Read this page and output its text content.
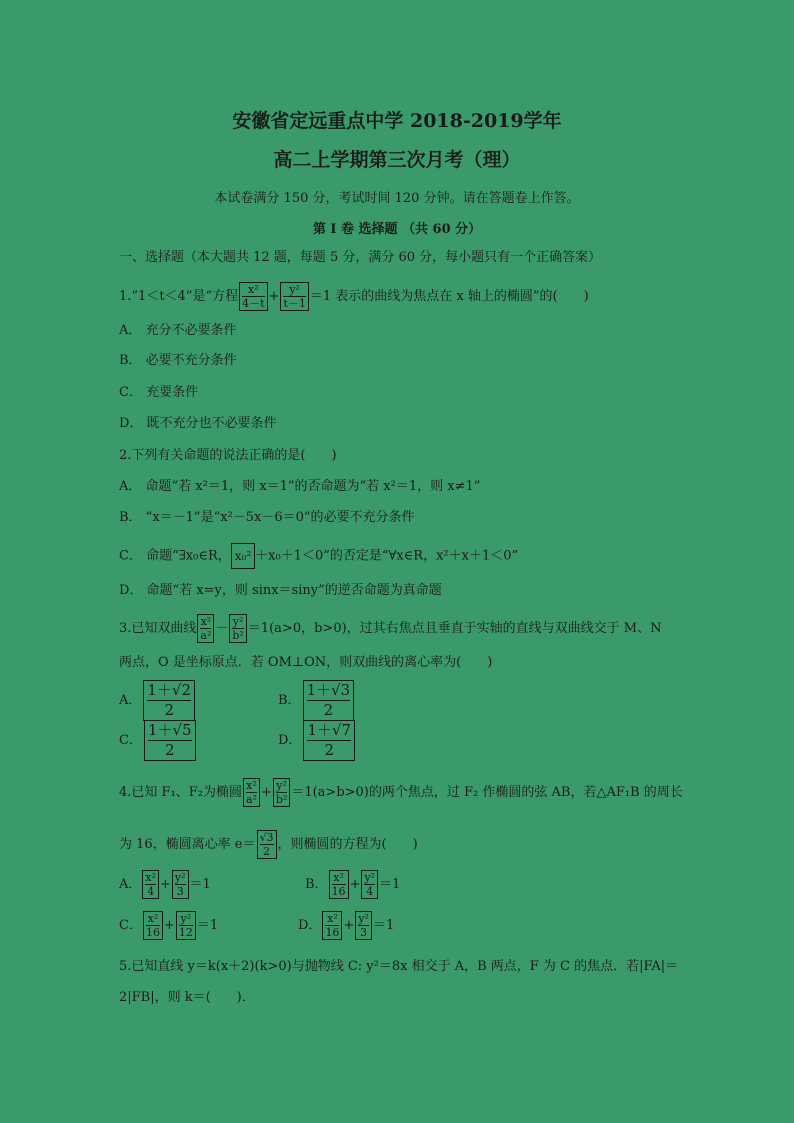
安徽省定远重点中学 2018-2019学年
高二上学期第三次月考（理）
本试卷满分 150 分，考试时间 120 分钟。请在答题卷上作答。
第 I 卷 选择题 （共 60 分）
一、选择题（本大题共 12 题，每题 5 分，满分 60 分，每小题只有一个正确答案）
1.“1＜t＜4”是“方程 $\frac{\text{x²}}{4-t} + \frac{\text{y²}}{t-1} =1$ 表示的曲线为焦点在 x 轴上的椭圆”的(　　)
A． 充分不必要条件
B． 必要不充分条件
C． 充要条件
D． 既不充分也不必要条件
2.下列有关命题的说法正确的是(　　)
A． 命题“若 x²＝1，则 x＝1”的否命题为“若 x²＝1，则 x≠1”
B． “x＝－1”是“x²－5x－6＝0”的必要不充分条件
C． 命题“∃x₀∈R， x₀² ＋x₀＋1＜0”的否定是“∀x∈R，x²＋x＋1＜0”
D． 命题“若 x=y，则 sinx＝siny”的逆否命题为真命题
3.已知双曲线 $\frac{\text{x²}}{\text{a²}} - \frac{\text{y²}}{\text{b²}} =1(a>0$，b>0)，过其右焦点且垂直于实轴的直线与双曲线交于 M、N
两点，O 是坐标原点．若 OM⊥ON，则双曲线的离心率为(　　)
A． $\frac{1+√2}{2}$	B． $\frac{1+√3}{2}$
C． $\frac{1+√5}{2}$	D． $\frac{1+√7}{2}$
4.已知 F₁、F₂为椭圆 $\frac{\text{x²}}{\text{a²}} + \frac{\text{y²}}{\text{b²}} =1(a>b>0)$的两个焦点，过 F₂ 作椭圆的弦 AB，若△AF₁B 的周长
为 16，椭圆离心率 $e= \frac{√3}{2}$ ，则椭圆的方程为(　　)
A． $\frac{\text{x²}}{4} + \frac{\text{y²}}{3} =1$	B． $\frac{\text{x²}}{16} + \frac{\text{y²}}{4} =1$
C． $\frac{\text{x²}}{16} + \frac{\text{y²}}{12} =1$	D． $\frac{\text{x²}}{16} + \frac{\text{y²}}{3} =1$
5.已知直线 y＝k(x＋2)(k>0)与抛物线 C: y²＝8x 相交于 A，B 两点，F 为 C 的焦点．若|FA|＝
2|FB|，则 k＝(　　)．
